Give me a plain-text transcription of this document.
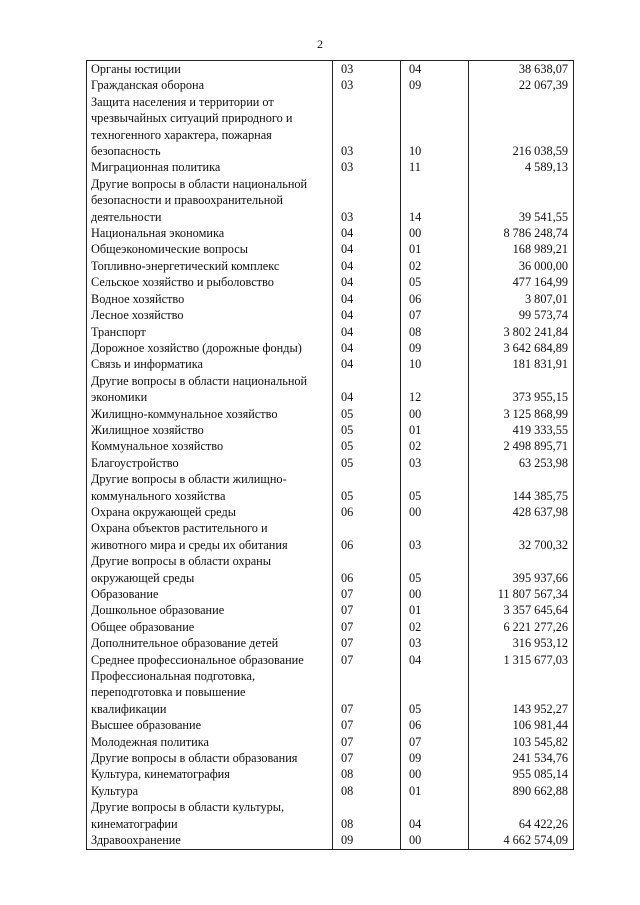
2
Органы юстиции	03	04	38 638,07

Гражданская оборона	03	09	22 067,39

Защита населения и территории от
чрезвычайных ситуаций природного и
техногенного характера, пожарная
безопасность	03	10	216 038,59

Миграционная политика	03	11	4 589,13

Другие вопросы в области национальной
безопасности и правоохранительной
деятельности	03	14	39 541,55

Национальная экономика	04	00	8 786 248,74

Общеэкономические вопросы	04	01	168 989,21

Топливно-энергетический комплекс	04	02	36 000,00

Сельское хозяйство и рыболовство	04	05	477 164,99

Водное хозяйство	04	06	3 807,01

Лесное хозяйство	04	07	99 573,74

Транспорт	04	08	3 802 241,84

Дорожное хозяйство (дорожные фонды)	04	09	3 642 684,89

Связь и информатика	04	10	181 831,91

Другие вопросы в области национальной
экономики	04	12	373 955,15

Жилищно-коммунальное хозяйство	05	00	3 125 868,99

Жилищное хозяйство	05	01	419 333,55

Коммунальное хозяйство	05	02	2 498 895,71

Благоустройство	05	03	63 253,98

Другие вопросы в области жилищно-
коммунального хозяйства	05	05	144 385,75

Охрана окружающей среды	06	00	428 637,98

Охрана объектов растительного и
животного мира и среды их обитания	06	03	32 700,32

Другие вопросы в области охраны
окружающей среды	06	05	395 937,66

Образование	07	00	11 807 567,34

Дошкольное образование	07	01	3 357 645,64

Общее образование	07	02	6 221 277,26

Дополнительное образование детей	07	03	316 953,12

Среднее профессиональное образование	07	04	1 315 677,03

Профессиональная подготовка,
переподготовка и повышение
квалификации	07	05	143 952,27

Высшее образование	07	06	106 981,44

Молодежная политика	07	07	103 545,82

Другие вопросы в области образования	07	09	241 534,76

Культура, кинематография	08	00	955 085,14

Культура	08	01	890 662,88

Другие вопросы в области культуры,
кинематографии	08	04	64 422,26

Здравоохранение	09	00	4 662 574,09
